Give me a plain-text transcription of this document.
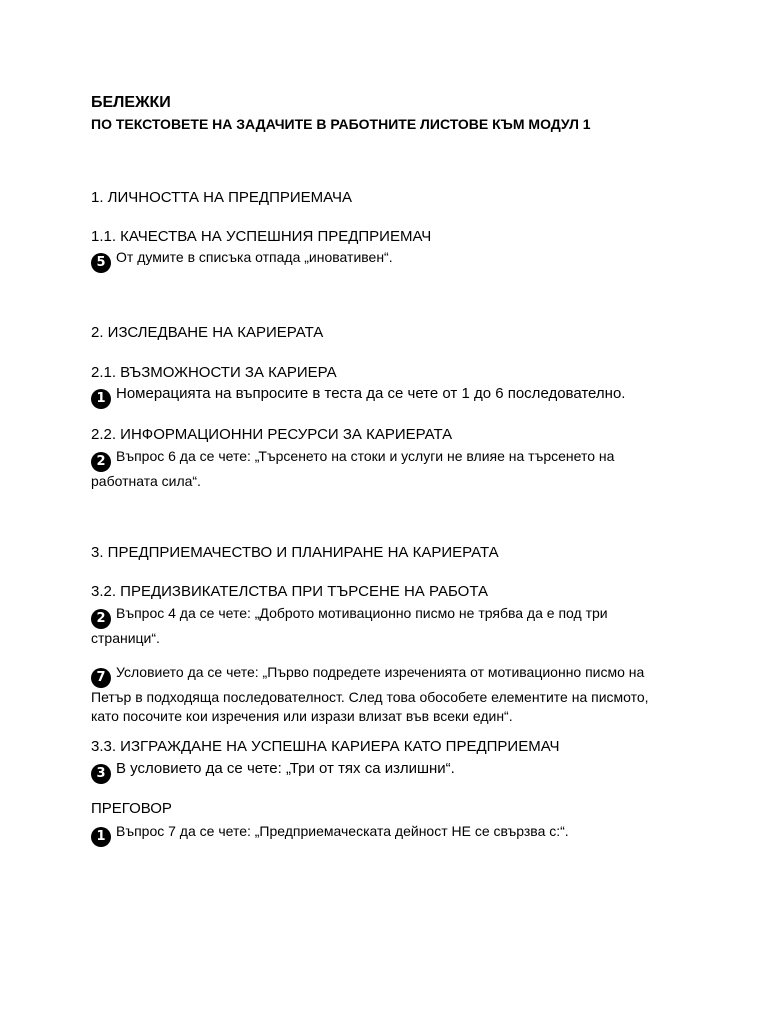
БЕЛЕЖКИ
ПО ТЕКСТОВЕТЕ НА ЗАДАЧИТЕ В РАБОТНИТЕ ЛИСТОВЕ КЪМ МОДУЛ 1
1. ЛИЧНОСТТА НА ПРЕДПРИЕМАЧА
1.1. КАЧЕСТВА НА УСПЕШНИЯ ПРЕДПРИЕМАЧ
5 От думите в списъка отпада „иновативен“.
2. ИЗСЛЕДВАНЕ НА КАРИЕРАТА
2.1. ВЪЗМОЖНОСТИ ЗА КАРИЕРА
1 Номерацията на въпросите в теста да се чете от 1 до 6 последователно.
2.2. ИНФОРМАЦИОННИ РЕСУРСИ ЗА КАРИЕРАТА
2 Въпрос 6 да се чете: „Търсенето на стоки и услуги не влияе на търсенето на работната сила“.
3. ПРЕДПРИЕМАЧЕСТВО И ПЛАНИРАНЕ НА КАРИЕРАТА
3.2. ПРЕДИЗВИКАТЕЛСТВА ПРИ ТЪРСЕНЕ НА РАБОТА
2 Въпрос 4 да се чете: „Доброто мотивационно писмо не трябва да е под три страници“.
7 Условието да се чете: „Първо подредете изреченията от мотивационно писмо на Петър в подходяща последователност. След това обособете елементите на писмото, като посочите кои изречения или изрази влизат във всеки един“.
3.3. ИЗГРАЖДАНЕ НА УСПЕШНА КАРИЕРА КАТО ПРЕДПРИЕМАЧ
3 В условието да се чете: „Три от тях са излишни“.
ПРЕГОВОР
1 Въпрос 7 да се чете: „Предприемаческата дейност НЕ се свързва с:“.
